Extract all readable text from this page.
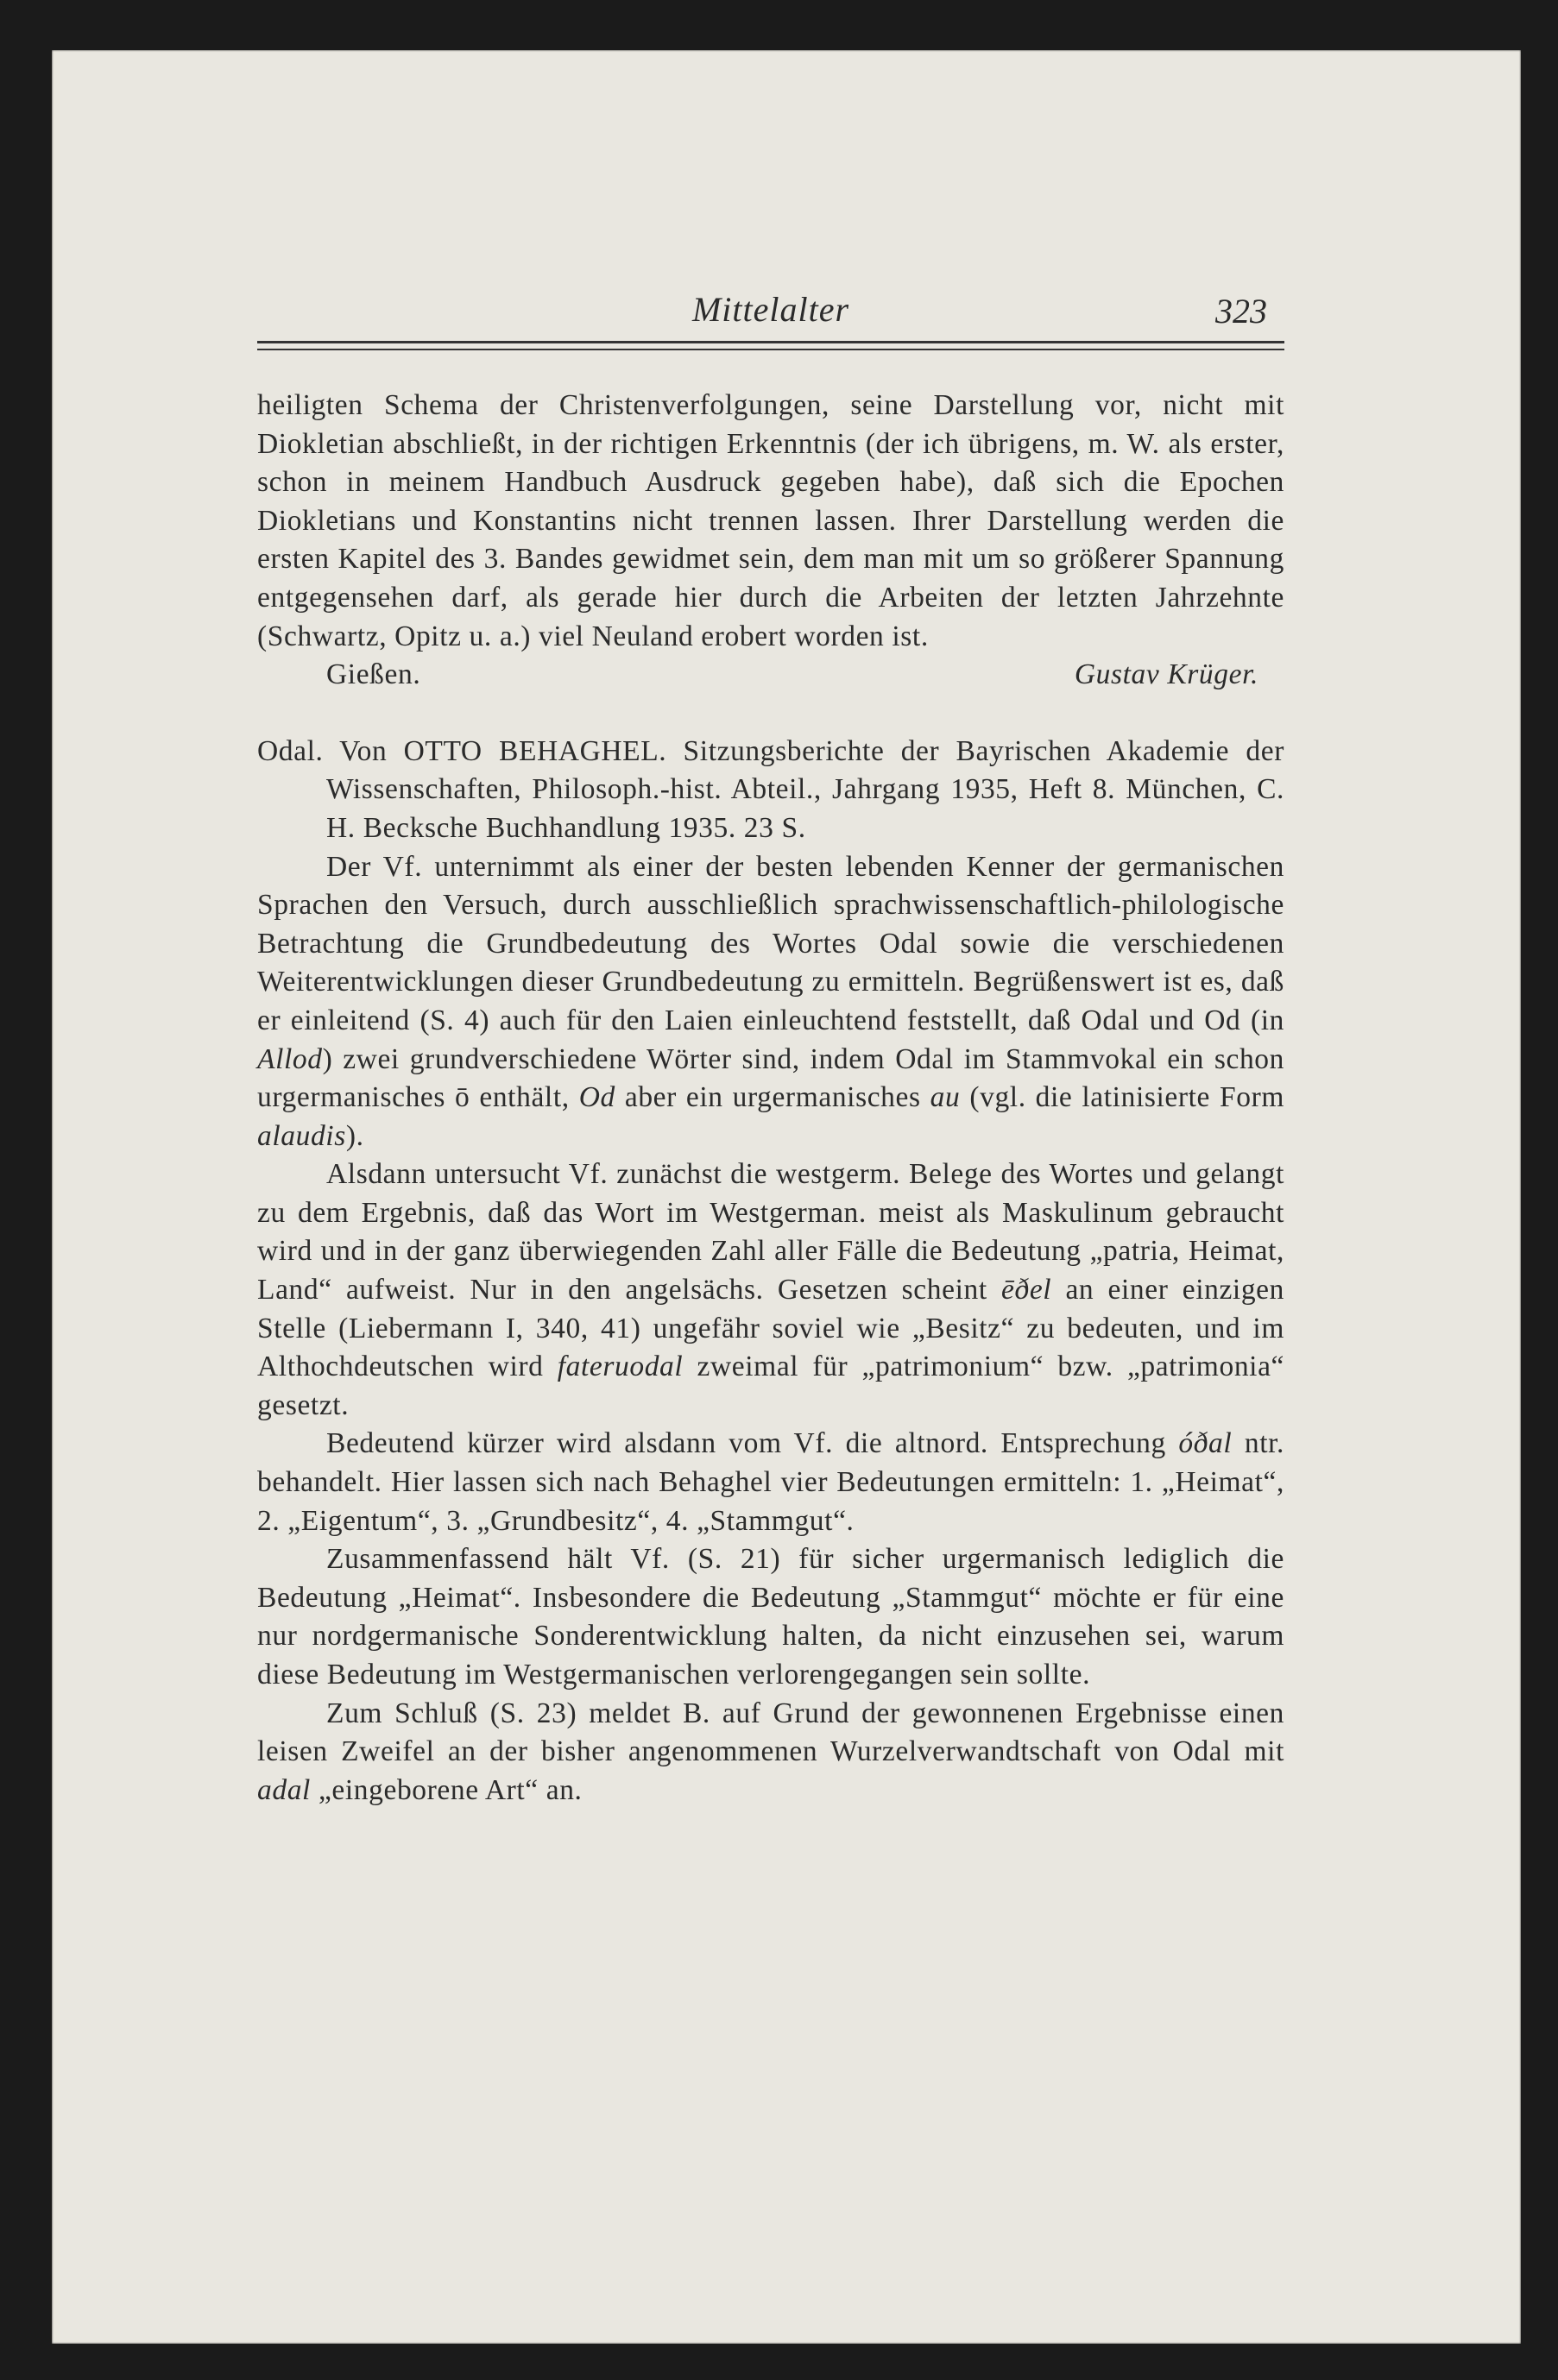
Mittelalter	323

heiligten Schema der Christenverfolgungen, seine Darstellung vor, nicht mit Diokletian abschließt, in der richtigen Erkenntnis (der ich übrigens, m. W. als erster, schon in meinem Handbuch Ausdruck gegeben habe), daß sich die Epochen Diokletians und Konstantins nicht trennen lassen. Ihrer Darstellung werden die ersten Kapitel des 3. Bandes gewidmet sein, dem man mit um so größerer Spannung entgegensehen darf, als gerade hier durch die Arbeiten der letzten Jahrzehnte (Schwartz, Opitz u. a.) viel Neuland erobert worden ist.

Gießen.	Gustav Krüger.

Odal. Von OTTO BEHAGHEL. Sitzungsberichte der Bayrischen Akademie der Wissenschaften, Philosoph.-hist. Abteil., Jahrgang 1935, Heft 8. München, C. H. Becksche Buchhandlung 1935. 23 S.

Der Vf. unternimmt als einer der besten lebenden Kenner der germanischen Sprachen den Versuch, durch ausschließlich sprachwissenschaftlich-philologische Betrachtung die Grundbedeutung des Wortes Odal sowie die verschiedenen Weiterentwicklungen dieser Grundbedeutung zu ermitteln. Begrüßenswert ist es, daß er einleitend (S. 4) auch für den Laien einleuchtend feststellt, daß Odal und Od (in Allod) zwei grundverschiedene Wörter sind, indem Odal im Stammvokal ein schon urgermanisches ō enthält, Od aber ein urgermanisches au (vgl. die latinisierte Form alaudis).

Alsdann untersucht Vf. zunächst die westgerm. Belege des Wortes und gelangt zu dem Ergebnis, daß das Wort im Westgerman. meist als Maskulinum gebraucht wird und in der ganz überwiegenden Zahl aller Fälle die Bedeutung „patria, Heimat, Land“ aufweist. Nur in den angelsächs. Gesetzen scheint ēðel an einer einzigen Stelle (Liebermann I, 340, 41) ungefähr soviel wie „Besitz“ zu bedeuten, und im Althochdeutschen wird fateruodal zweimal für „patrimonium“ bzw. „patrimonia“ gesetzt.

Bedeutend kürzer wird alsdann vom Vf. die altnord. Entsprechung óðal ntr. behandelt. Hier lassen sich nach Behaghel vier Bedeutungen ermitteln: 1. „Heimat“, 2. „Eigentum“, 3. „Grundbesitz“, 4. „Stammgut“.

Zusammenfassend hält Vf. (S. 21) für sicher urgermanisch lediglich die Bedeutung „Heimat“. Insbesondere die Bedeutung „Stammgut“ möchte er für eine nur nordgermanische Sonderentwicklung halten, da nicht einzusehen sei, warum diese Bedeutung im Westgermanischen verlorengegangen sein sollte.

Zum Schluß (S. 23) meldet B. auf Grund der gewonnenen Ergebnisse einen leisen Zweifel an der bisher angenommenen Wurzelverwandtschaft von Odal mit adal „eingeborene Art“ an.
